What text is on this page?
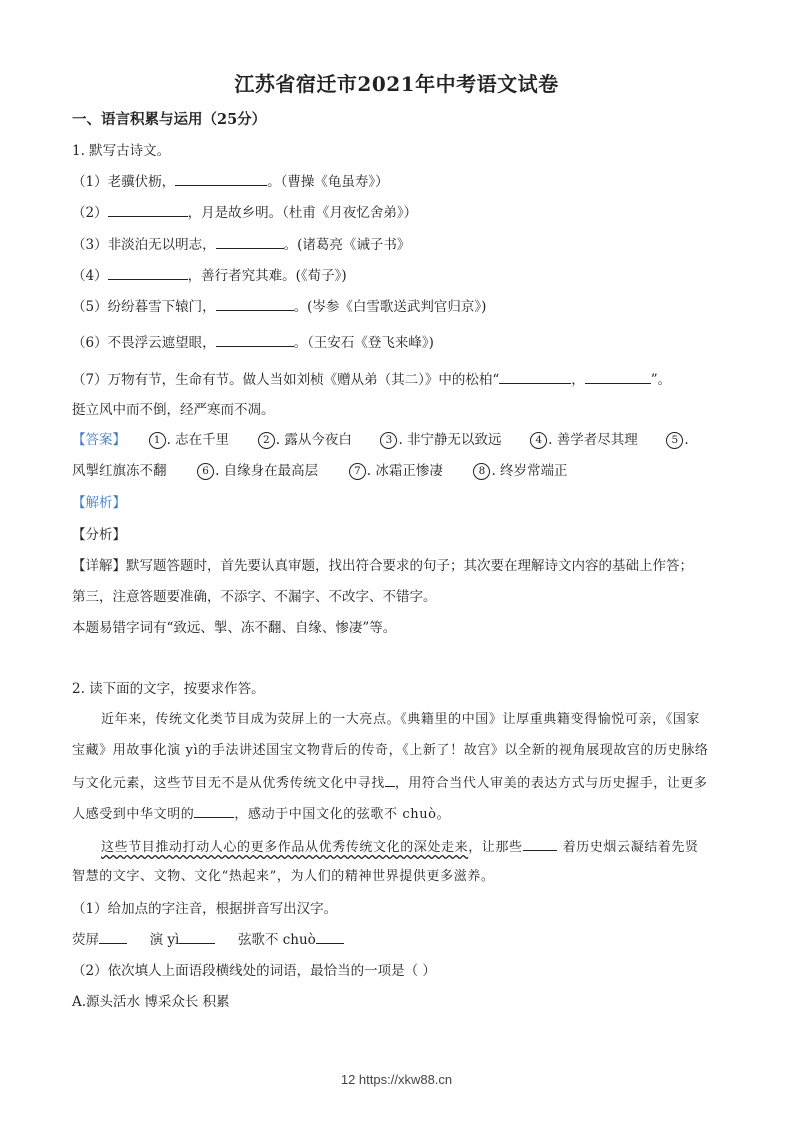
江苏省宿迁市2021年中考语文试卷
一、语言积累与运用（25分）
1. 默写古诗文。
（1）老骥伏枥，	。（曹操《龟虽寿》）
（2）	，月是故乡明。（杜甫《月夜忆舍弟》）
（3）非淡泊无以明志，	。(诸葛亮《诫子书》
（4）	，善行者究其难。(《荀子》)
（5）纷纷暮雪下辕门，	。(岑参《白雪歌送武判官归京》)
（6）不畏浮云遮望眼，	。（王安石《登飞来峰》)
（7）万物有节，生命有节。做人当如刘桢《赠从弟（其二）》中的松柏“	，	”。
挺立风中而不倒，经严寒而不凋。
【答案】	1 . 志在千里	2 . 露从今夜白	3 . 非宁静无以致远	4 . 善学者尽其理	5 .
风掣红旗冻不翻	6 . 自缘身在最高层	7 . 冰霜正惨凄	8 . 终岁常端正
【解析】
【分析】
【详解】默写题答题时，首先要认真审题，找出符合要求的句子；其次要在理解诗文内容的基础上作答；
第三，注意答题要准确，不添字、不漏字、不改字、不错字。
本题易错字词有“致远、掣、冻不翻、自缘、惨凄”等。
2. 读下面的文字，按要求作答。
近年来，传统文化类节目成为荧屏上的一大亮点。《典籍里的中国》让厚重典籍变得愉悦可亲，《国家
宝藏》用故事化演 yì的手法讲述国宝文物背后的传奇，《上新了！故宫》以全新的视角展现故宫的历史脉络
与文化元素，这些节目无不是从优秀传统文化中寻找 ，用符合当代人审美的表达方式与历史握手，让更多
人感受到中华文明的	，感动于中国文化的弦歌不 chuò。
这些节目推动打动人心的更多作品从优秀传统文化的深处走来，让那些	着历史烟云凝结着先贤
智慧的文字、文物、文化“热起来”，为人们的精神世界提供更多滋养。
（1）给加点的字注音，根据拼音写出汉字。
荧屏	演 yì	弦歌不 chuò
（2）依次填人上面语段横线处的词语，最恰当的一项是（ ）
A.源头活水 博采众长 积累
12 https://xkw88.cn
